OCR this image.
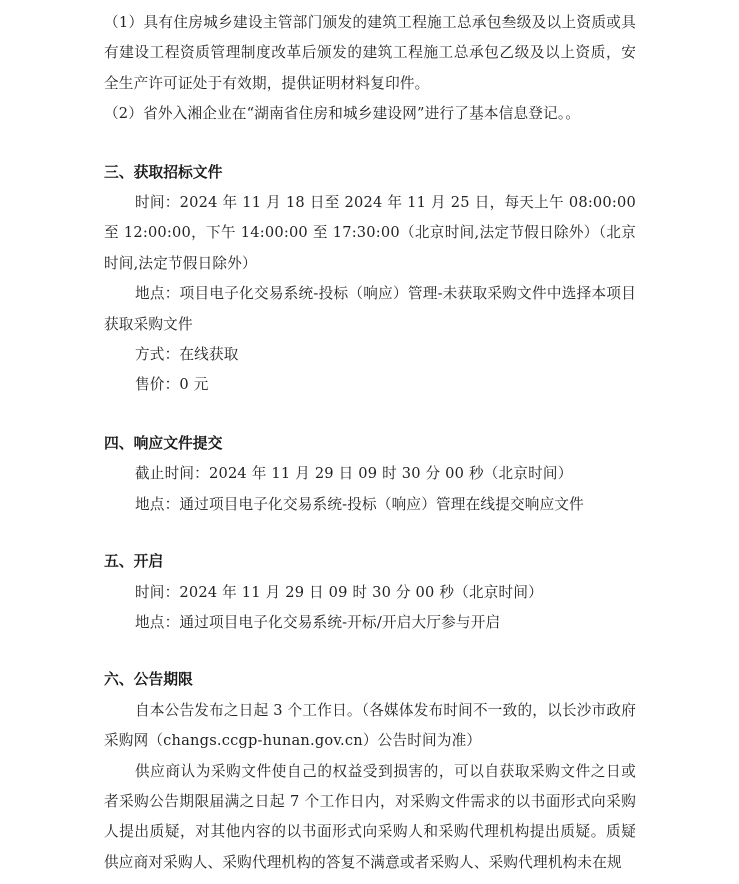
（1）具有住房城乡建设主管部门颁发的建筑工程施工总承包叁级及以上资质或具有建设工程资质管理制度改革后颁发的建筑工程施工总承包乙级及以上资质，安全生产许可证处于有效期，提供证明材料复印件。

（2）省外入湘企业在“湖南省住房和城乡建设网”进行了基本信息登记。。

三、获取招标文件

时间：2024 年 11 月 18 日至 2024 年 11 月 25 日，每天上午 08:00:00 至 12:00:00，下午 14:00:00 至 17:30:00（北京时间,法定节假日除外）（北京时间,法定节假日除外）

地点：项目电子化交易系统-投标（响应）管理-未获取采购文件中选择本项目获取采购文件

方式：在线获取

售价：0 元

四、响应文件提交

截止时间：2024 年 11 月 29 日 09 时 30 分 00 秒（北京时间）

地点：通过项目电子化交易系统-投标（响应）管理在线提交响应文件

五、开启

时间：2024 年 11 月 29 日 09 时 30 分 00 秒（北京时间）

地点：通过项目电子化交易系统-开标/开启大厅参与开启

六、公告期限

自本公告发布之日起 3 个工作日。（各媒体发布时间不一致的，以长沙市政府采购网（changs.ccgp-hunan.gov.cn）公告时间为准）

供应商认为采购文件使自己的权益受到损害的，可以自获取采购文件之日或者采购公告期限届满之日起 7 个工作日内，对采购文件需求的以书面形式向采购人提出质疑，对其他内容的以书面形式向采购人和采购代理机构提出质疑。质疑供应商对采购人、采购代理机构的答复不满意或者采购人、采购代理机构未在规
